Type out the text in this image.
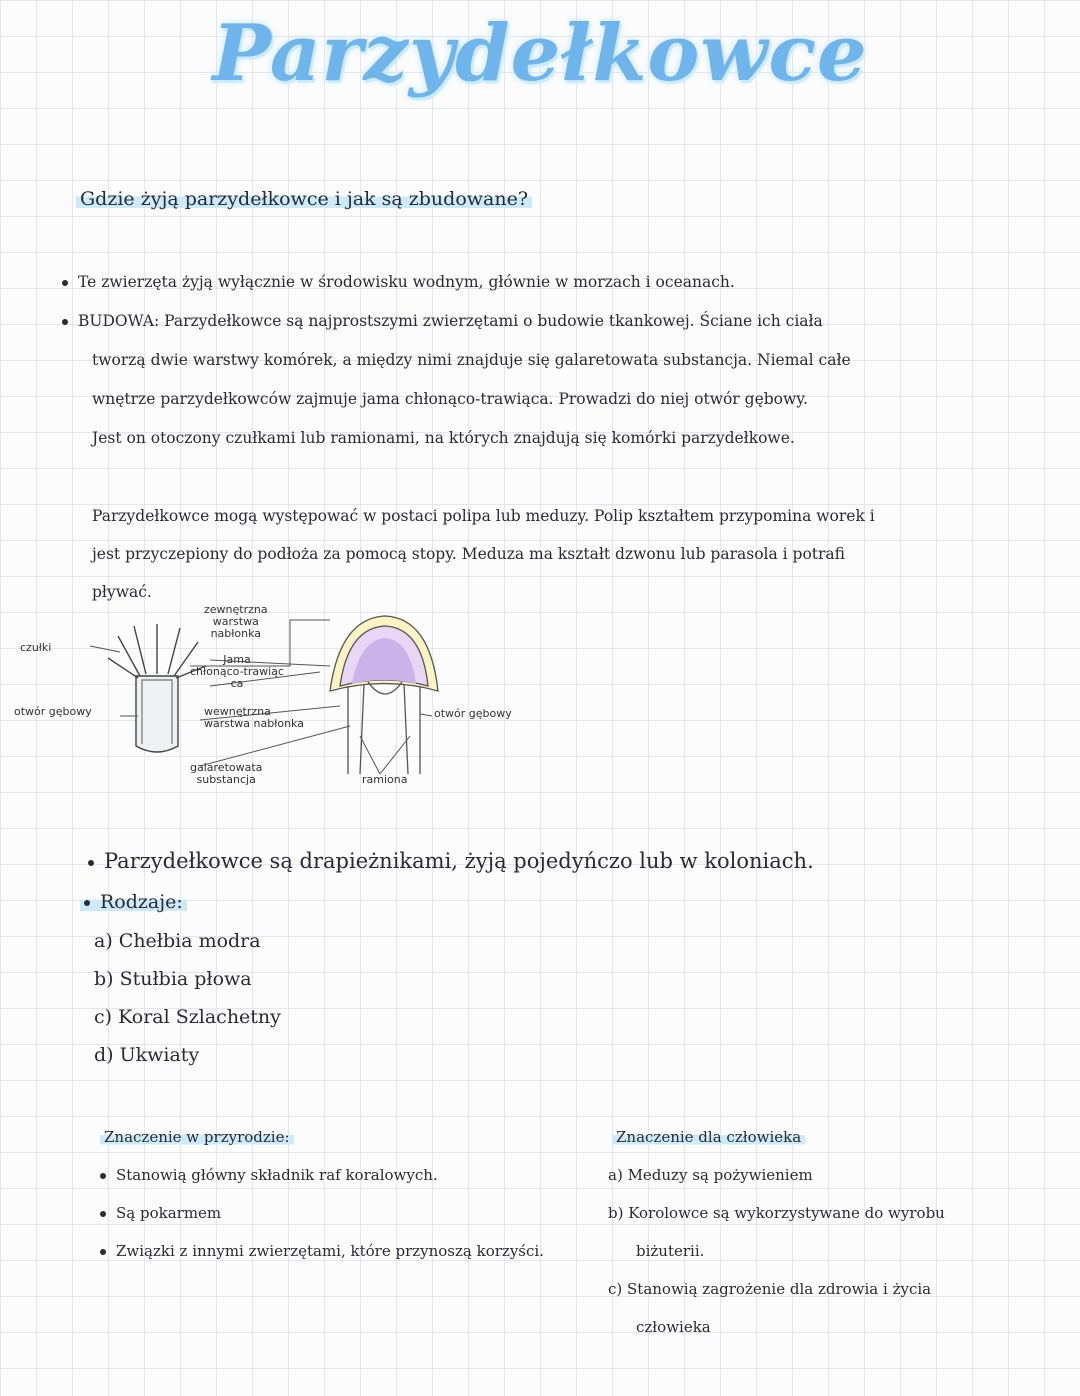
Parzydełkowce
Gdzie żyją parzydełkowce i jak są zbudowane?
Te zwierzęta żyją wyłącznie w środowisku wodnym, głównie w morzach i oceanach.
BUDOWA: Parzydełkowce są najprostszymi zwierzętami o budowie tkankowej. Ściane ich ciała
tworzą dwie warstwy komórek, a między nimi znajduje się galaretowata substancja. Niemal całe
wnętrze parzydełkowców zajmuje jama chłonąco-trawiąca. Prowadzi do niej otwór gębowy.
Jest on otoczony czułkami lub ramionami, na których znajdują się komórki parzydełkowe.
Parzydełkowce mogą występować w postaci polipa lub meduzy. Polip kształtem przypomina worek i
jest przyczepiony do podłoża za pomocą stopy. Meduza ma kształt dzwonu lub parasola i potrafi
pływać.
czułki
otwór gębowy
zewnętrzna
warstwa
nabłonka
Jama
chłonąco-trawiąc
ca
wewnętrzna
warstwa nabłonka
galaretowata
substancja
otwór gębowy
ramiona
Parzydełkowce są drapieżnikami, żyją pojedyńczo lub w koloniach.
Rodzaje:
a) Chełbia modra
b) Stułbia płowa
c) Koral Szlachetny
d) Ukwiaty
Znaczenie w przyrodzie:
Stanowią główny składnik raf koralowych.
Są pokarmem
Związki z innymi zwierzętami, które przynoszą korzyści.
Znaczenie dla człowieka
a) Meduzy są pożywieniem
b) Korolowce są wykorzystywane do wyrobu
biżuterii.
c) Stanowią zagrożenie dla zdrowia i życia
człowieka
